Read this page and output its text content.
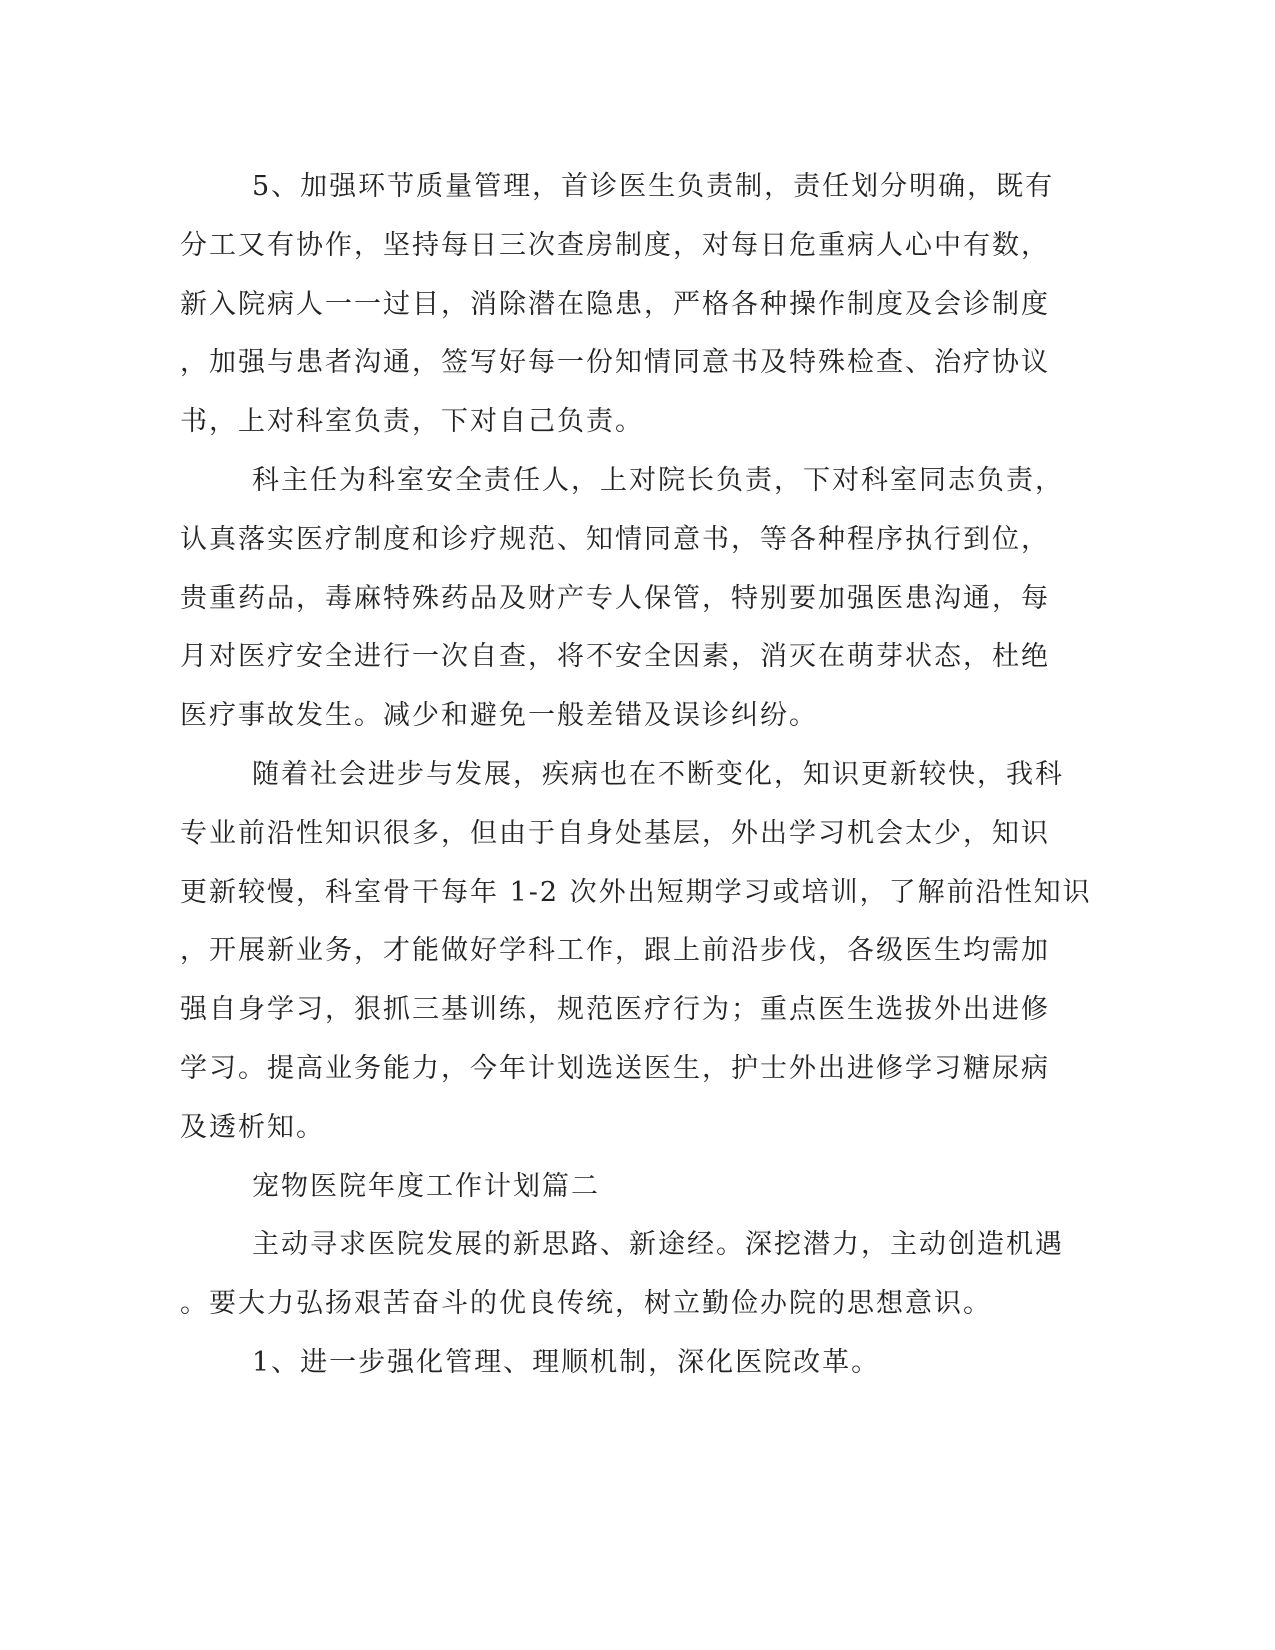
5、加强环节质量管理，首诊医生负责制，责任划分明确，既有
分工又有协作，坚持每日三次查房制度，对每日危重病人心中有数，
新入院病人一一过目，消除潜在隐患，严格各种操作制度及会诊制度
，加强与患者沟通，签写好每一份知情同意书及特殊检查、治疗协议
书，上对科室负责，下对自己负责。
科主任为科室安全责任人，上对院长负责，下对科室同志负责，
认真落实医疗制度和诊疗规范、知情同意书，等各种程序执行到位，
贵重药品，毒麻特殊药品及财产专人保管，特别要加强医患沟通，每
月对医疗安全进行一次自查，将不安全因素，消灭在萌芽状态，杜绝
医疗事故发生。减少和避免一般差错及误诊纠纷。
随着社会进步与发展，疾病也在不断变化，知识更新较快，我科
专业前沿性知识很多，但由于自身处基层，外出学习机会太少，知识
更新较慢，科室骨干每年 1-2 次外出短期学习或培训，了解前沿性知识
，开展新业务，才能做好学科工作，跟上前沿步伐，各级医生均需加
强自身学习，狠抓三基训练，规范医疗行为；重点医生选拔外出进修
学习。提高业务能力，今年计划选送医生，护士外出进修学习糖尿病
及透析知。
宠物医院年度工作计划篇二
主动寻求医院发展的新思路、新途经。深挖潜力，主动创造机遇
。要大力弘扬艰苦奋斗的优良传统，树立勤俭办院的思想意识。
1、进一步强化管理、理顺机制，深化医院改革。
